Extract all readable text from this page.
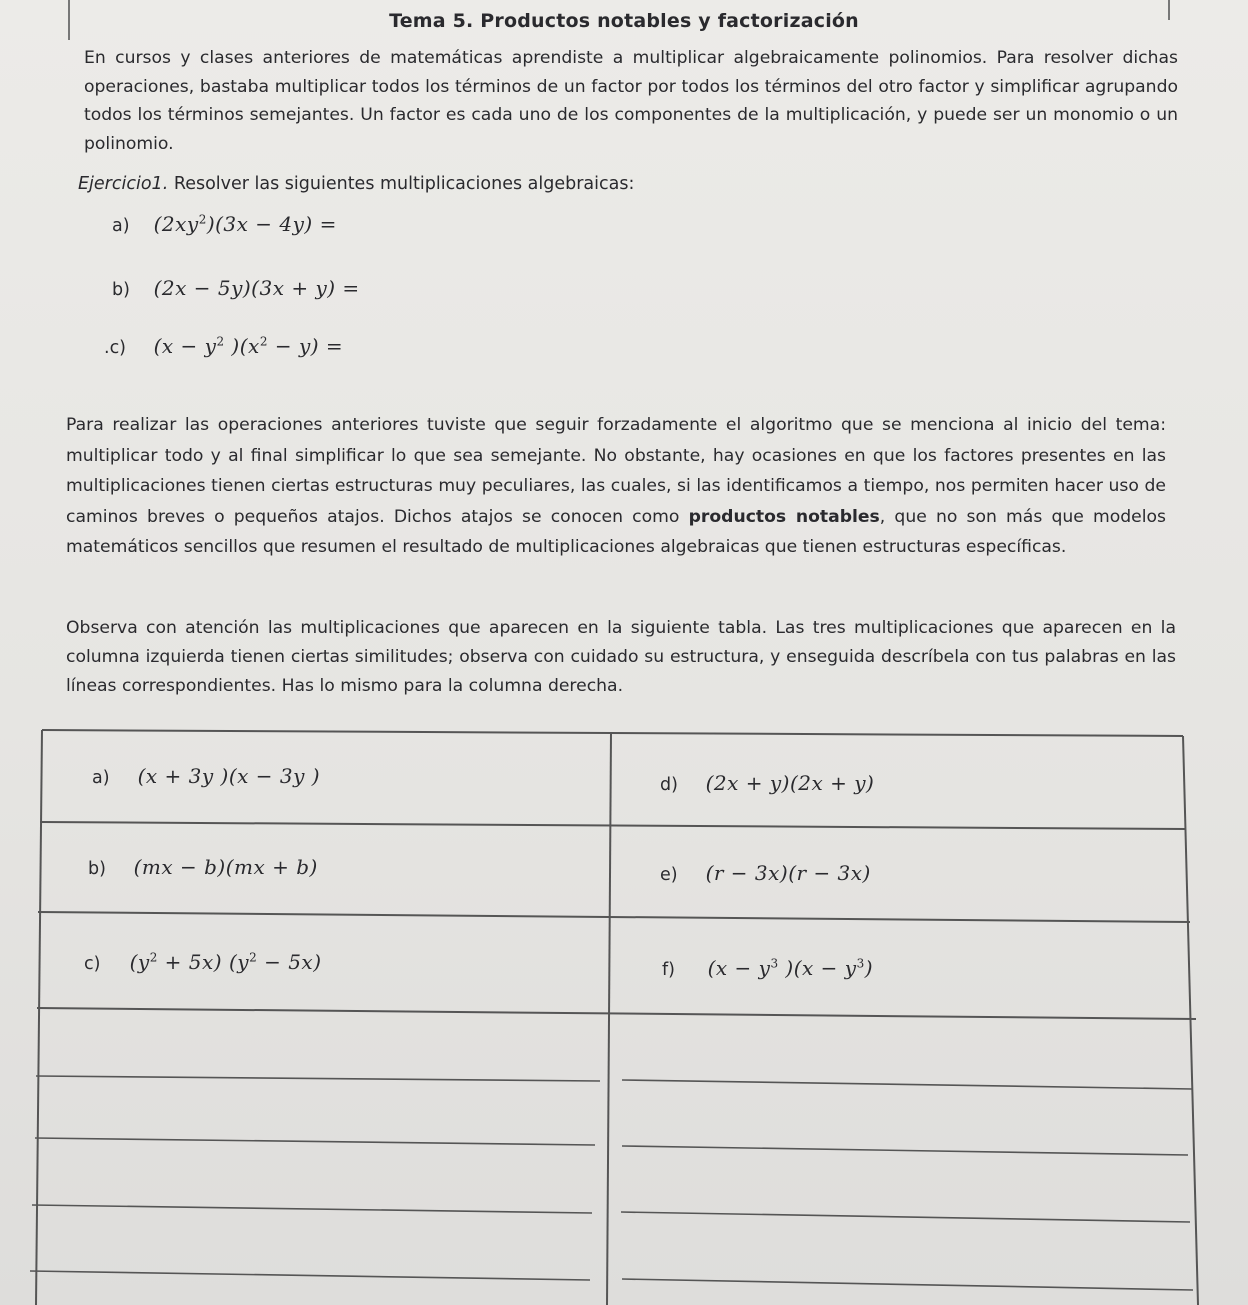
Tema 5. Productos notables y factorización

En cursos y clases anteriores de matemáticas aprendiste a multiplicar algebraicamente polinomios. Para resolver dichas operaciones, bastaba multiplicar todos los términos de un factor por todos los términos del otro factor y simplificar agrupando todos los términos semejantes. Un factor es cada uno de los componentes de la multiplicación, y puede ser un monomio o un polinomio.

Ejercicio1. Resolver las siguientes multiplicaciones algebraicas:
a) $(2xy^2)(3x - 4y)$ =
b) (2x − 5y)(3x + y) =
.c) ($x - y^2$ )$(x^2 - y)$ =

Para realizar las operaciones anteriores tuviste que seguir forzadamente el algoritmo que se menciona al inicio del tema: multiplicar todo y al final simplificar lo que sea semejante. No obstante, hay ocasiones en que los factores presentes en las multiplicaciones tienen ciertas estructuras muy peculiares, las cuales, si las identificamos a tiempo, nos permiten hacer uso de caminos breves o pequeños atajos. Dichos atajos se conocen como productos notables, que no son más que modelos matemáticos sencillos que resumen el resultado de multiplicaciones algebraicas que tienen estructuras específicas.

Observa con atención las multiplicaciones que aparecen en la siguiente tabla. Las tres multiplicaciones que aparecen en la columna izquierda tienen ciertas similitudes; observa con cuidado su estructura, y enseguida descríbela con tus palabras en las líneas correspondientes. Has lo mismo para la columna derecha.

a) (x + 3y )(x − 3y )
b) (mx − b)(mx + b)
c) $(y^2 + 5x) (y^2 - 5x)$
d) (2x + y)(2x + y)
e) (r − 3x)(r − 3x)
f) ($x - y^3$ )$(x - y^3)$
